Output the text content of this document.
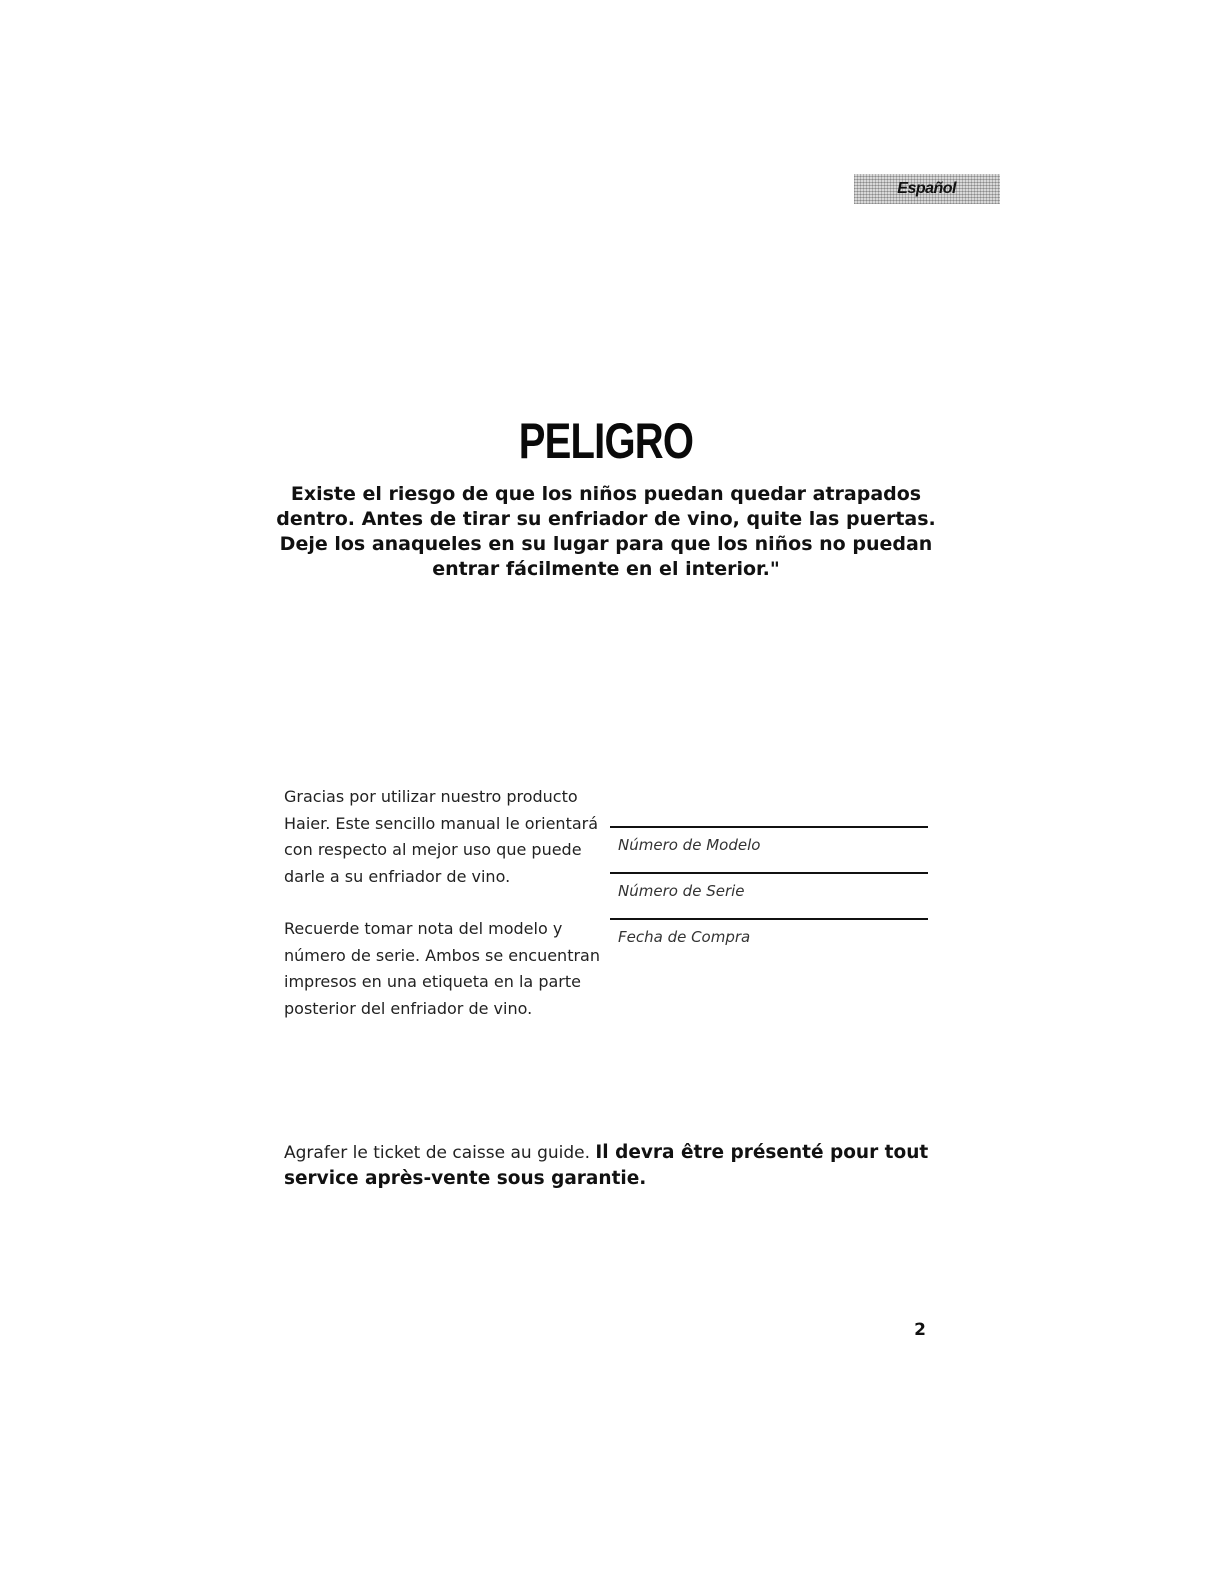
Español
PELIGRO

Existe el riesgo de que los niños puedan quedar atrapados dentro. Antes de tirar su enfriador de vino, quite las puertas. Deje los anaqueles en su lugar para que los niños no puedan entrar fácilmente en el interior."

Gracias por utilizar nuestro producto Haier. Este sencillo manual le orientará con respecto al mejor uso que puede darle a su enfriador de vino.

Recuerde tomar nota del modelo y número de serie. Ambos se encuentran impresos en una etiqueta en la parte posterior del enfriador de vino.

Número de Modelo
Número de Serie
Fecha de Compra

Agrafer le ticket de caisse au guide. Il devra être présenté pour tout service après-vente sous garantie.

2
